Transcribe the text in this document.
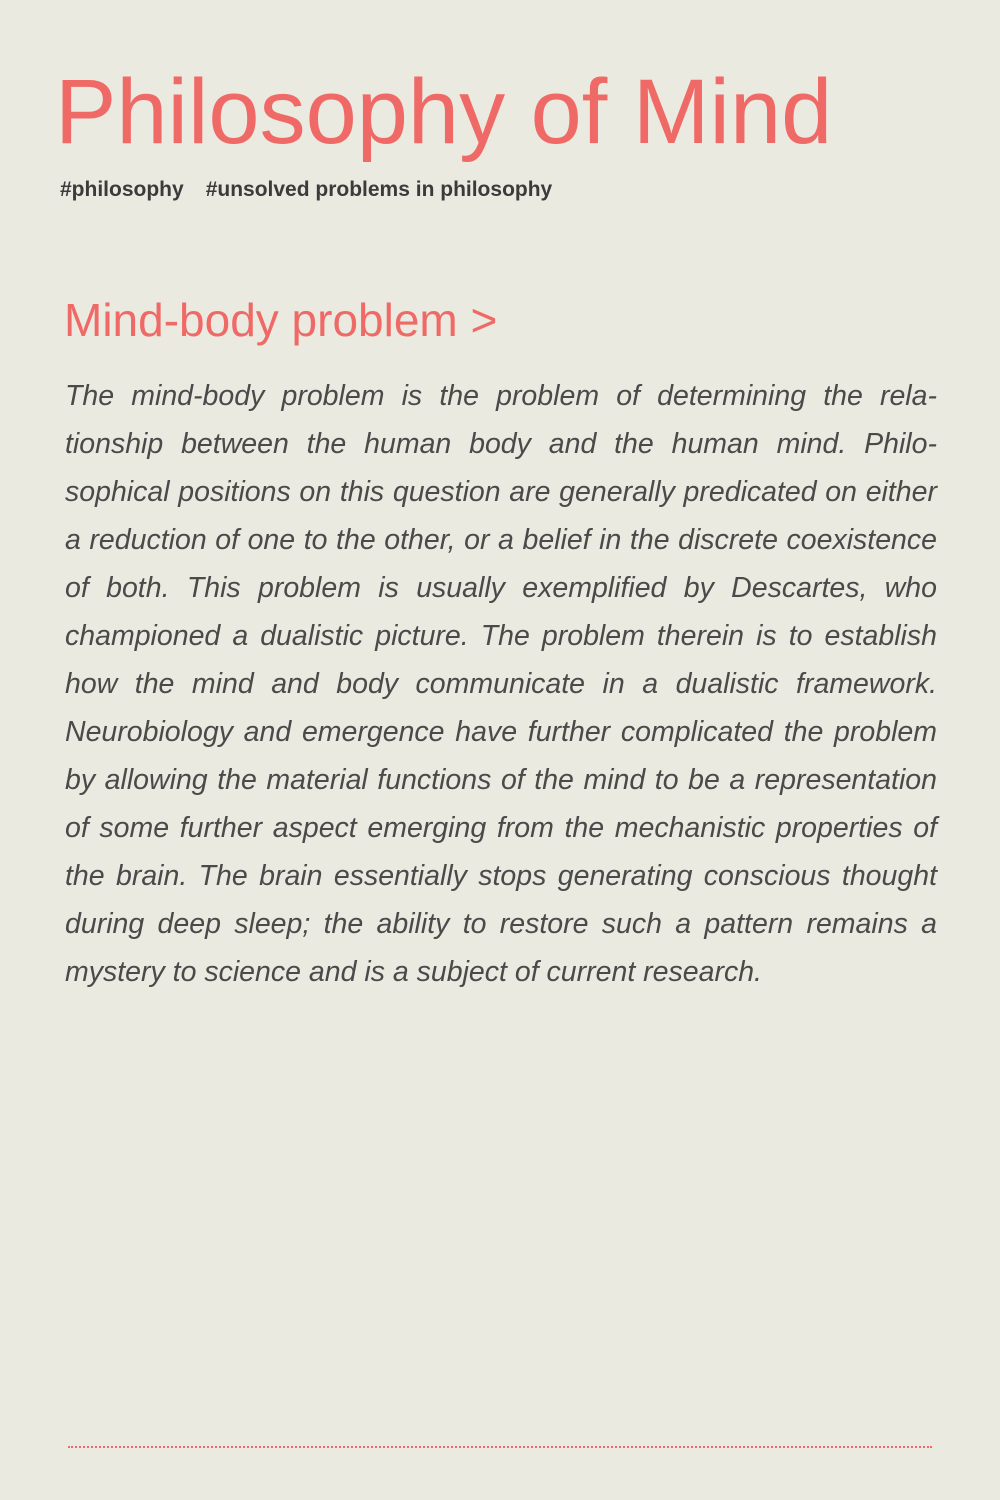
Philosophy of Mind
#philosophy #unsolved problems in philosophy
Mind-body problem >

The mind-body problem is the problem of determining the relationship between the human body and the human mind. Philosophical positions on this question are generally predicated on either a reduction of one to the other, or a belief in the discrete coexistence of both. This problem is usually exemplified by Descartes, who championed a dualistic picture. The problem therein is to establish how the mind and body communicate in a dualistic framework. Neurobiology and emergence have further complicated the problem by allowing the material functions of the mind to be a representation of some further aspect emerging from the mechanistic properties of the brain. The brain essentially stops generating conscious thought during deep sleep; the ability to restore such a pattern remains a mystery to science and is a subject of current research.
